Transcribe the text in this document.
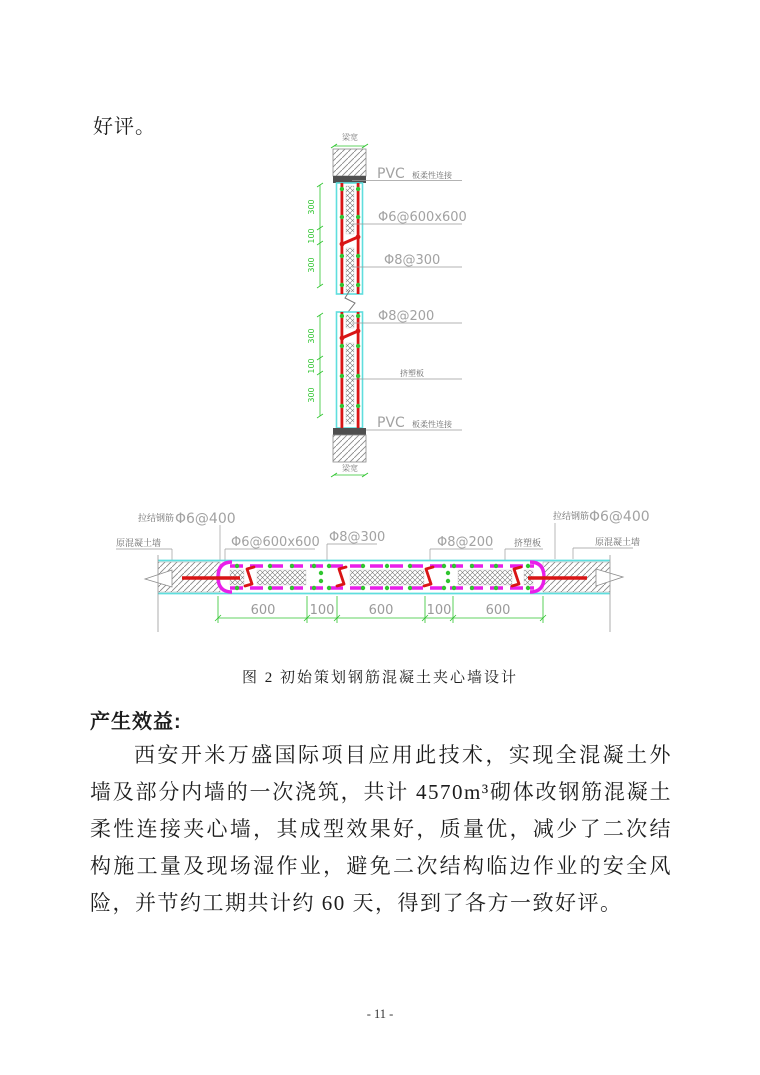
好评。	梁宽
300
100
300
PVC 板柔性连接
Φ6@600x600
Φ8@300
300
100
300
Φ8@200
挤塑板
PVC 板柔性连接
梁宽
拉结钢筋 Φ6@400
原混凝土墙	Φ6@600x600 Φ8@300	Φ8@200 挤塑板
拉结钢筋 Φ6@400
原混凝土墙
600	100	600	100	600

图 2 初始策划钢筋混凝土夹心墙设计

产生效益:

西安开米万盛国际项目应用此技术，实现全混凝土外墙及部分内墙的一次浇筑，共计 4570m³砌体改钢筋混凝土柔性连接夹心墙，其成型效果好，质量优，减少了二次结构施工量及现场湿作业，避免二次结构临边作业的安全风险，并节约工期共计约 60 天，得到了各方一致好评。

- 11 -
